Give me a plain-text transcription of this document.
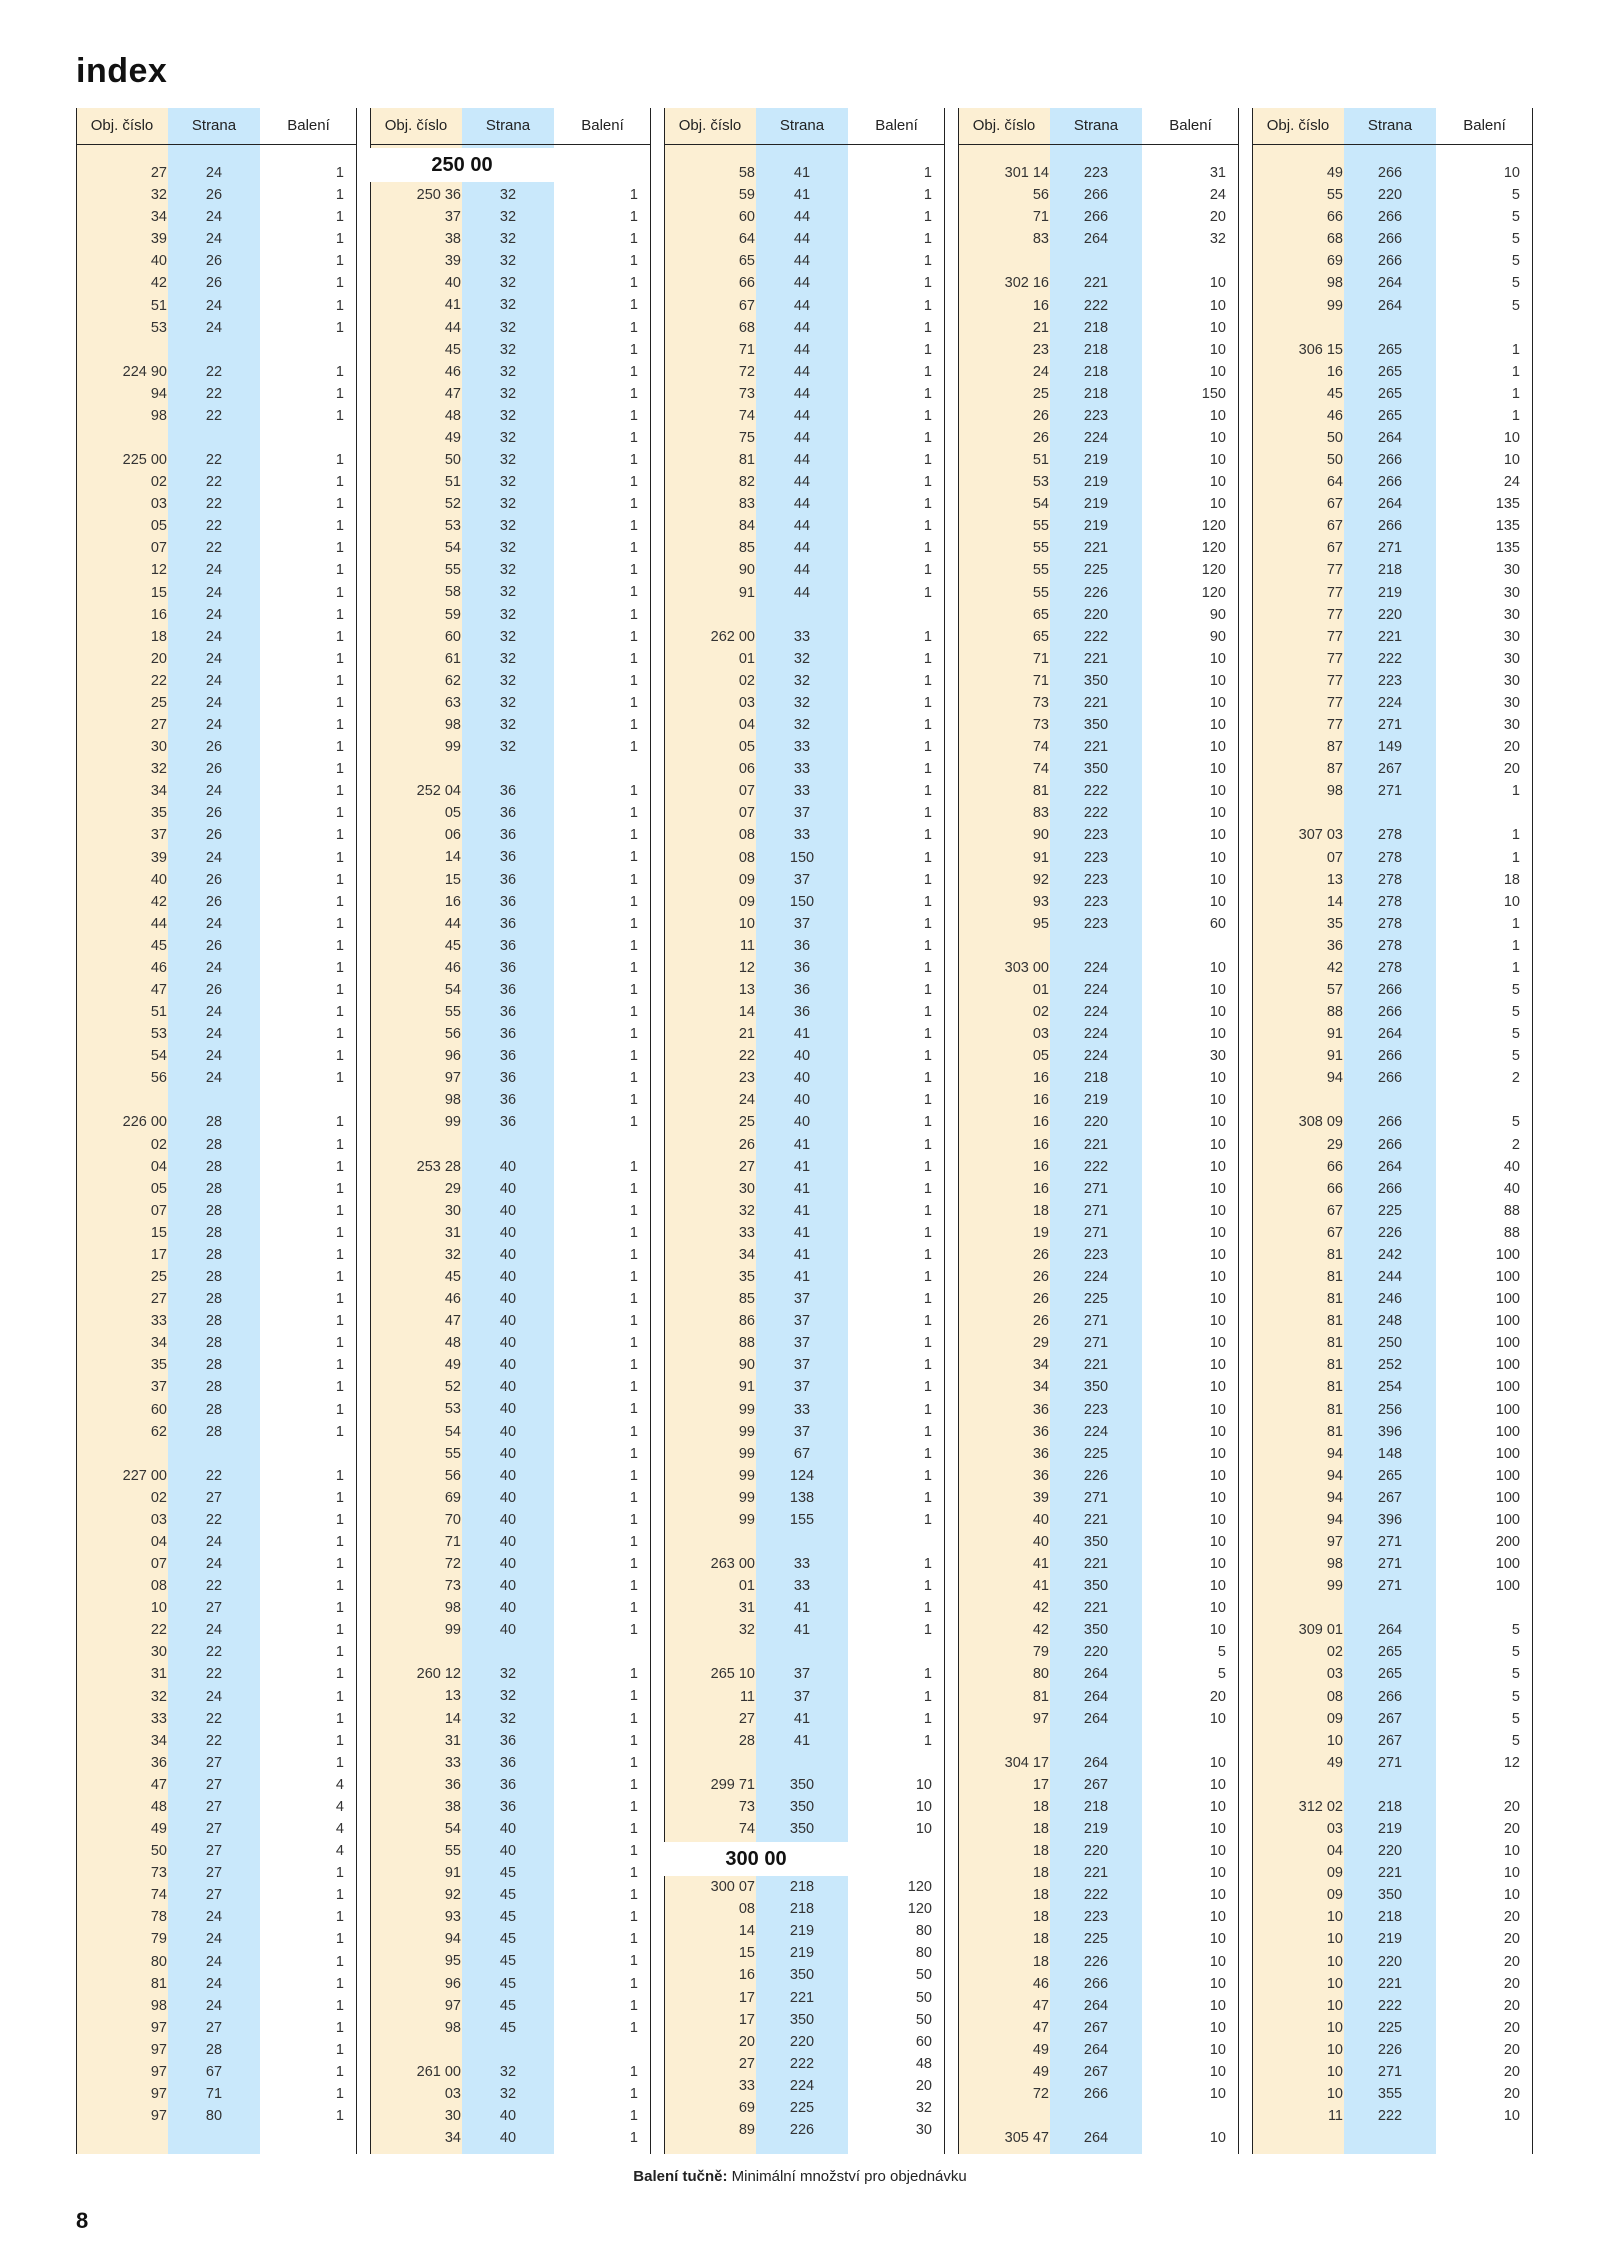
index
Obj. číslo	Strana	Balení
27	24	1
32	26	1
34	24	1
39	24	1
40	26	1
42	26	1
51	24	1
53	24	1
224 90	22	1
94	22	1
98	22	1
225 00	22	1
02	22	1
03	22	1
05	22	1
07	22	1
12	24	1
15	24	1
16	24	1
18	24	1
20	24	1
22	24	1
25	24	1
27	24	1
30	26	1
32	26	1
34	24	1
35	26	1
37	26	1
39	24	1
40	26	1
42	26	1
44	24	1
45	26	1
46	24	1
47	26	1
51	24	1
53	24	1
54	24	1
56	24	1
226 00	28	1
02	28	1
04	28	1
05	28	1
07	28	1
15	28	1
17	28	1
25	28	1
27	28	1
33	28	1
34	28	1
35	28	1
37	28	1
60	28	1
62	28	1
227 00	22	1
02	27	1
03	22	1
04	24	1
07	24	1
08	22	1
10	27	1
22	24	1
30	22	1
31	22	1
32	24	1
33	22	1
34	22	1
36	27	1
47	27	4
48	27	4
49	27	4
50	27	4
73	27	1
74	27	1
78	24	1
79	24	1
80	24	1
81	24	1
98	24	1
97	27	1
97	28	1
97	67	1
97	71	1
97	80	1
Obj. číslo	Strana	Balení
250 00
250 36	32	1
37	32	1
38	32	1
39	32	1
40	32	1
41	32	1
44	32	1
45	32	1
46	32	1
47	32	1
48	32	1
49	32	1
50	32	1
51	32	1
52	32	1
53	32	1
54	32	1
55	32	1
58	32	1
59	32	1
60	32	1
61	32	1
62	32	1
63	32	1
98	32	1
99	32	1
252 04	36	1
05	36	1
06	36	1
14	36	1
15	36	1
16	36	1
44	36	1
45	36	1
46	36	1
54	36	1
55	36	1
56	36	1
96	36	1
97	36	1
98	36	1
99	36	1
253 28	40	1
29	40	1
30	40	1
31	40	1
32	40	1
45	40	1
46	40	1
47	40	1
48	40	1
49	40	1
52	40	1
53	40	1
54	40	1
55	40	1
56	40	1
69	40	1
70	40	1
71	40	1
72	40	1
73	40	1
98	40	1
99	40	1
260 12	32	1
13	32	1
14	32	1
31	36	1
33	36	1
36	36	1
38	36	1
54	40	1
55	40	1
91	45	1
92	45	1
93	45	1
94	45	1
95	45	1
96	45	1
97	45	1
98	45	1
261 00	32	1
03	32	1
30	40	1
34	40	1
Obj. číslo	Strana	Balení
58	41	1
59	41	1
60	44	1
64	44	1
65	44	1
66	44	1
67	44	1
68	44	1
71	44	1
72	44	1
73	44	1
74	44	1
75	44	1
81	44	1
82	44	1
83	44	1
84	44	1
85	44	1
90	44	1
91	44	1
262 00	33	1
01	32	1
02	32	1
03	32	1
04	32	1
05	33	1
06	33	1
07	33	1
07	37	1
08	33	1
08	150	1
09	37	1
09	150	1
10	37	1
11	36	1
12	36	1
13	36	1
14	36	1
21	41	1
22	40	1
23	40	1
24	40	1
25	40	1
26	41	1
27	41	1
30	41	1
32	41	1
33	41	1
34	41	1
35	41	1
85	37	1
86	37	1
88	37	1
90	37	1
91	37	1
99	33	1
99	37	1
99	67	1
99	124	1
99	138	1
99	155	1
263 00	33	1
01	33	1
31	41	1
32	41	1
265 10	37	1
11	37	1
27	41	1
28	41	1
299 71	350	10
73	350	10
74	350	10
300 00
300 07	218	120
08	218	120
14	219	80
15	219	80
16	350	50
17	221	50
17	350	50
20	220	60
27	222	48
33	224	20
69	225	32
89	226	30
Obj. číslo	Strana	Balení
301 14	223	31
56	266	24
71	266	20
83	264	32
302 16	221	10
16	222	10
21	218	10
23	218	10
24	218	10
25	218	150
26	223	10
26	224	10
51	219	10
53	219	10
54	219	10
55	219	120
55	221	120
55	225	120
55	226	120
65	220	90
65	222	90
71	221	10
71	350	10
73	221	10
73	350	10
74	221	10
74	350	10
81	222	10
83	222	10
90	223	10
91	223	10
92	223	10
93	223	10
95	223	60
303 00	224	10
01	224	10
02	224	10
03	224	10
05	224	30
16	218	10
16	219	10
16	220	10
16	221	10
16	222	10
16	271	10
18	271	10
19	271	10
26	223	10
26	224	10
26	225	10
26	271	10
29	271	10
34	221	10
34	350	10
36	223	10
36	224	10
36	225	10
36	226	10
39	271	10
40	221	10
40	350	10
41	221	10
41	350	10
42	221	10
42	350	10
79	220	5
80	264	5
81	264	20
97	264	10
304 17	264	10
17	267	10
18	218	10
18	219	10
18	220	10
18	221	10
18	222	10
18	223	10
18	225	10
18	226	10
46	266	10
47	264	10
47	267	10
49	264	10
49	267	10
72	266	10
305 47	264	10
Obj. číslo	Strana	Balení
49	266	10
55	220	5
66	266	5
68	266	5
69	266	5
98	264	5
99	264	5
306 15	265	1
16	265	1
45	265	1
46	265	1
50	264	10
50	266	10
64	266	24
67	264	135
67	266	135
67	271	135
77	218	30
77	219	30
77	220	30
77	221	30
77	222	30
77	223	30
77	224	30
77	271	30
87	149	20
87	267	20
98	271	1
307 03	278	1
07	278	1
13	278	18
14	278	10
35	278	1
36	278	1
42	278	1
57	266	5
88	266	5
91	264	5
91	266	5
94	266	2
308 09	266	5
29	266	2
66	264	40
66	266	40
67	225	88
67	226	88
81	242	100
81	244	100
81	246	100
81	248	100
81	250	100
81	252	100
81	254	100
81	256	100
81	396	100
94	148	100
94	265	100
94	267	100
94	396	100
97	271	200
98	271	100
99	271	100
309 01	264	5
02	265	5
03	265	5
08	266	5
09	267	5
10	267	5
49	271	12
312 02	218	20
03	219	20
04	220	10
09	221	10
09	350	10
10	218	20
10	219	20
10	220	20
10	221	20
10	222	20
10	225	20
10	226	20
10	271	20
10	355	20
11	222	10
Balení tučně: Minimální množství pro objednávku
8
